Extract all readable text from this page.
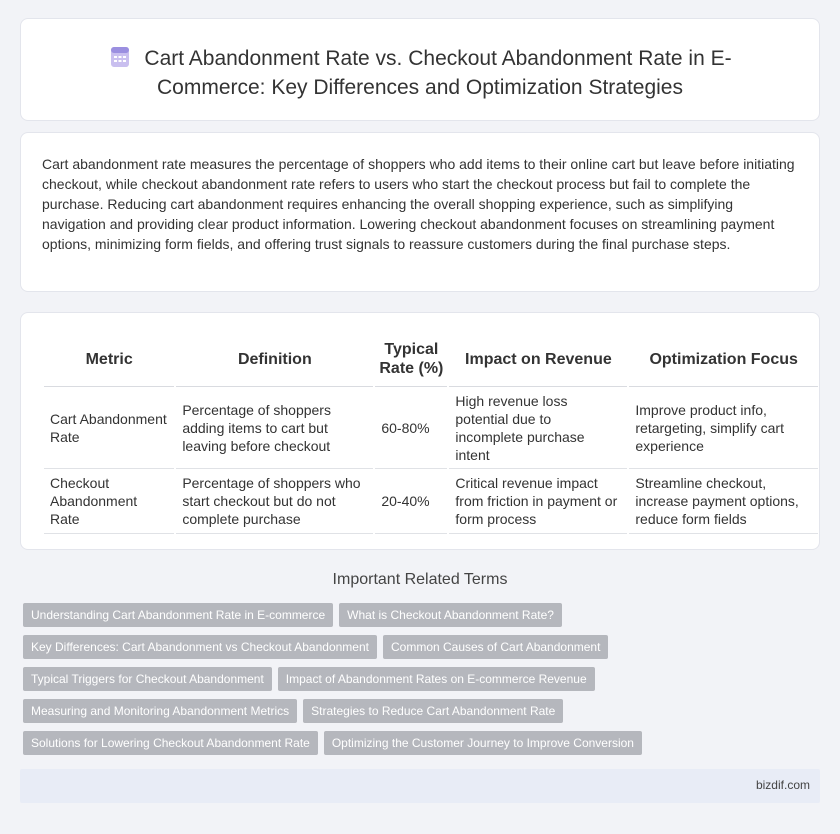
Cart Abandonment Rate vs. Checkout Abandonment Rate in E-Commerce: Key Differences and Optimization Strategies
Cart abandonment rate measures the percentage of shoppers who add items to their online cart but leave before initiating checkout, while checkout abandonment rate refers to users who start the checkout process but fail to complete the purchase. Reducing cart abandonment requires enhancing the overall shopping experience, such as simplifying navigation and providing clear product information. Lowering checkout abandonment focuses on streamlining payment options, minimizing form fields, and offering trust signals to reassure customers during the final purchase steps.
Metric	Definition	Typical Rate (%)	Impact on Revenue	Optimization Focus
Cart Abandonment Rate	Percentage of shoppers adding items to cart but leaving before checkout	60-80%	High revenue loss potential due to incomplete purchase intent	Improve product info, retargeting, simplify cart experience
Checkout Abandonment Rate	Percentage of shoppers who start checkout but do not complete purchase	20-40%	Critical revenue impact from friction in payment or form process	Streamline checkout, increase payment options, reduce form fields
Important Related Terms
Understanding Cart Abandonment Rate in E-commerce What is Checkout Abandonment Rate?
Key Differences: Cart Abandonment vs Checkout Abandonment Common Causes of Cart Abandonment
Typical Triggers for Checkout Abandonment Impact of Abandonment Rates on E-commerce Revenue
Measuring and Monitoring Abandonment Metrics Strategies to Reduce Cart Abandonment Rate
Solutions for Lowering Checkout Abandonment Rate Optimizing the Customer Journey to Improve Conversion
bizdif.com
